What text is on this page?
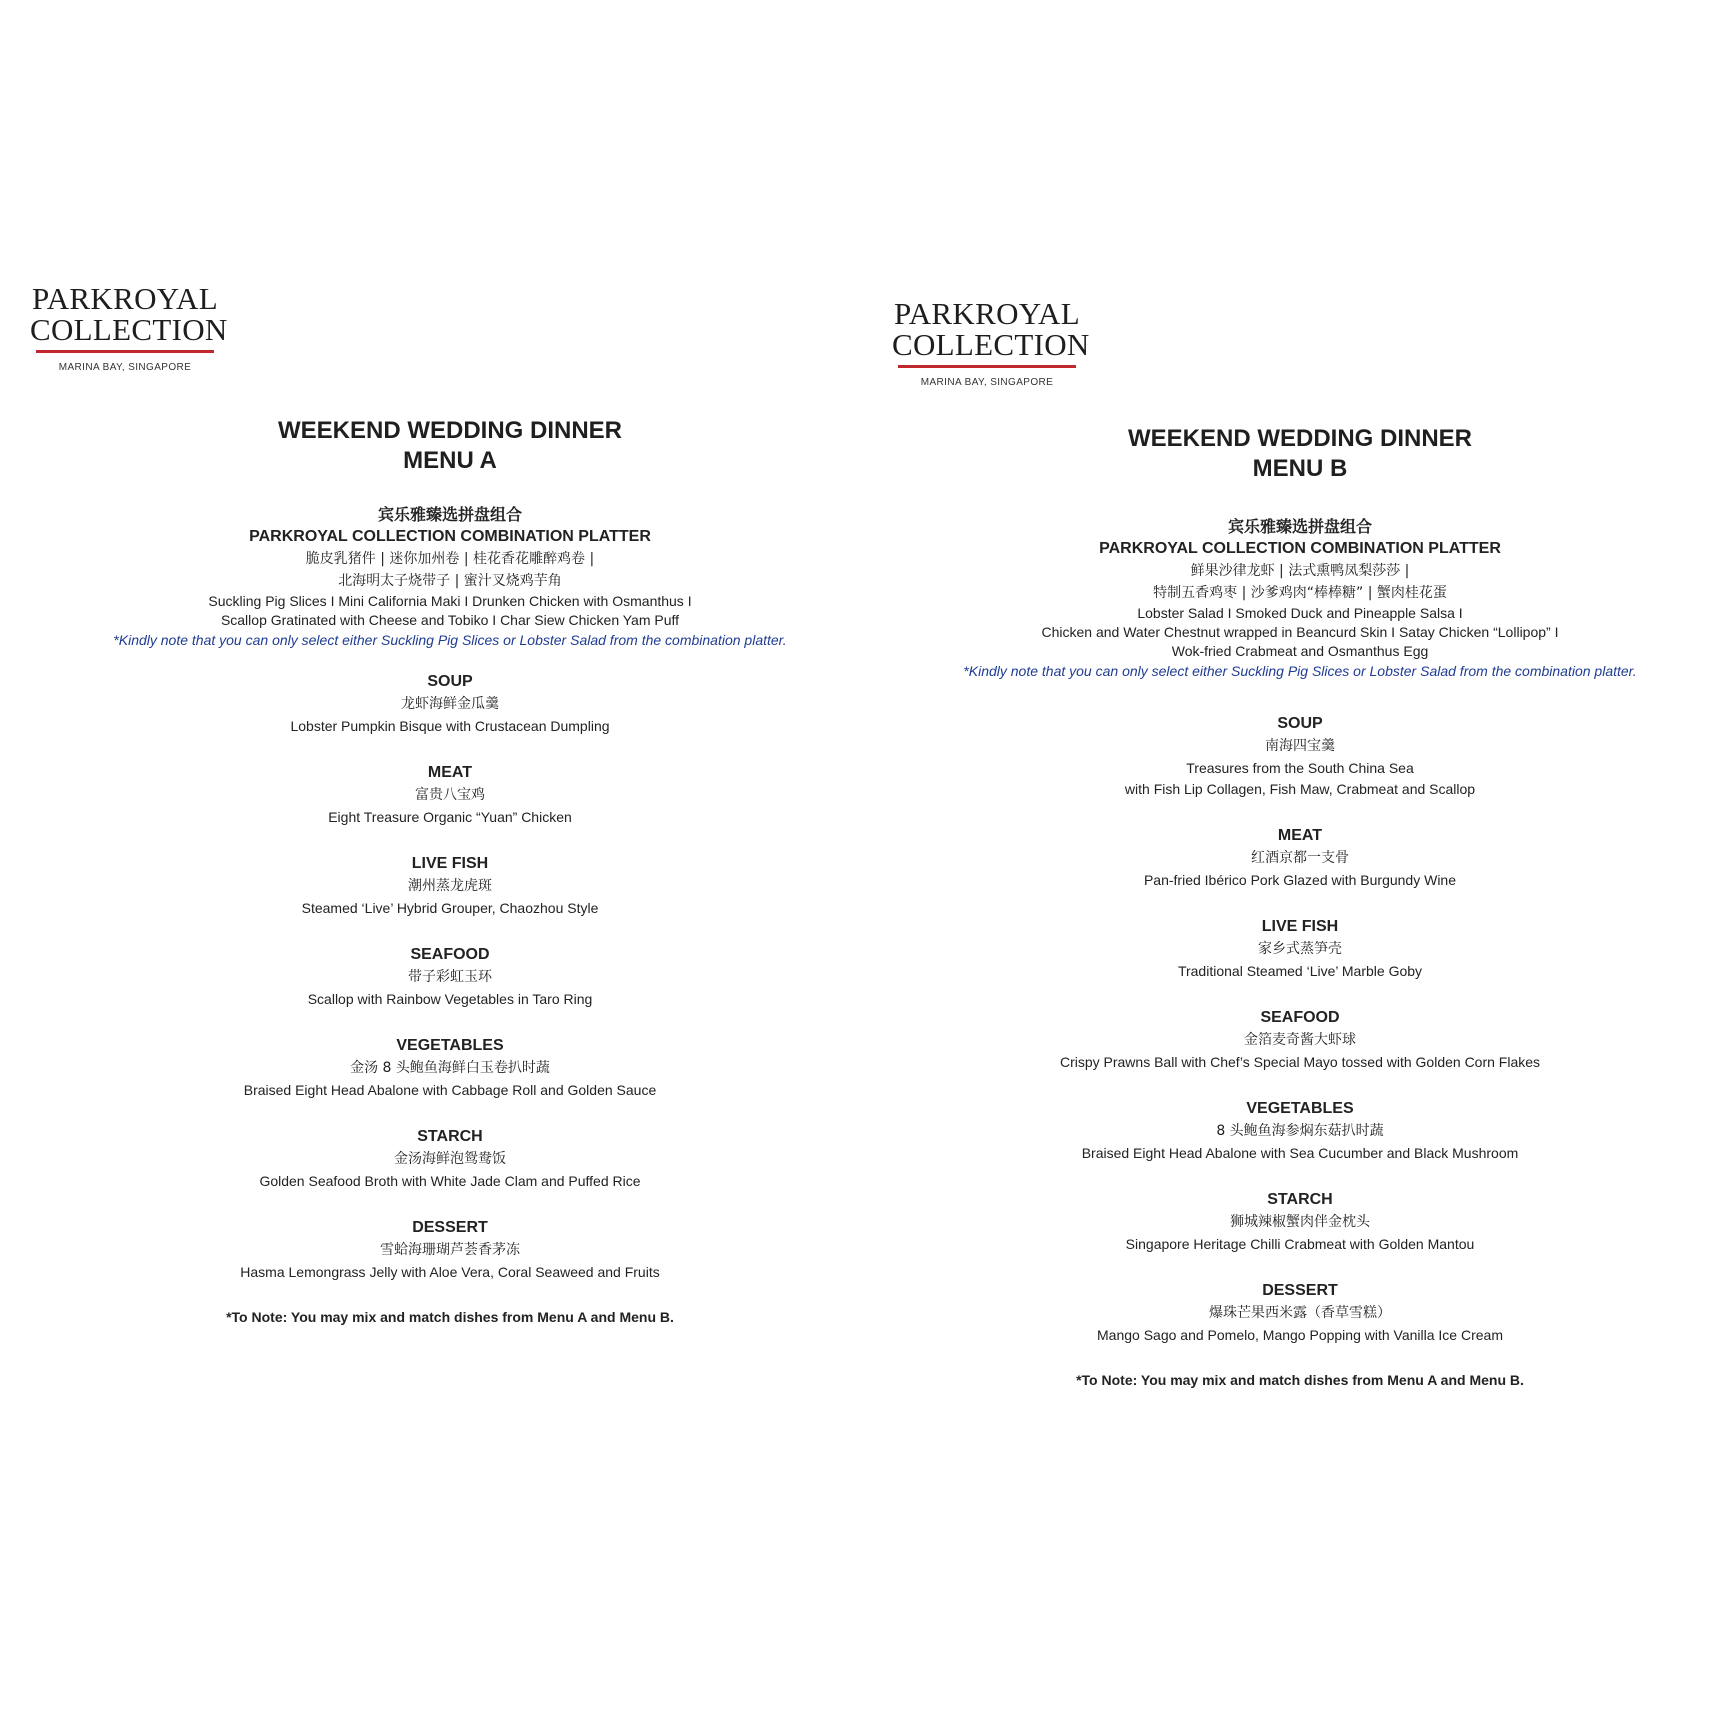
PARKROYAL
COLLECTION
MARINA BAY, SINGAPORE
WEEKEND WEDDING DINNER
MENU A
宾乐雅臻选拼盘组合
PARKROYAL COLLECTION COMBINATION PLATTER
脆皮乳猪件 | 迷你加州卷 | 桂花香花雕醉鸡卷 |
北海明太子烧带子 | 蜜汁叉烧鸡芋角
Suckling Pig Slices I Mini California Maki I Drunken Chicken with Osmanthus I
Scallop Gratinated with Cheese and Tobiko I Char Siew Chicken Yam Puff
*Kindly note that you can only select either Suckling Pig Slices or Lobster Salad from the combination platter.
SOUP
龙虾海鲜金瓜羹
Lobster Pumpkin Bisque with Crustacean Dumpling
MEAT
富贵八宝鸡
Eight Treasure Organic “Yuan” Chicken
LIVE FISH
潮州蒸龙虎斑
Steamed ‘Live’ Hybrid Grouper, Chaozhou Style
SEAFOOD
带子彩虹玉环
Scallop with Rainbow Vegetables in Taro Ring
VEGETABLES
金汤 8 头鲍鱼海鲜白玉卷扒时蔬
Braised Eight Head Abalone with Cabbage Roll and Golden Sauce
STARCH
金汤海鲜泡鸳鸯饭
Golden Seafood Broth with White Jade Clam and Puffed Rice
DESSERT
雪蛤海珊瑚芦荟香茅冻
Hasma Lemongrass Jelly with Aloe Vera, Coral Seaweed and Fruits
*To Note: You may mix and match dishes from Menu A and Menu B.
PARKROYAL
COLLECTION
MARINA BAY, SINGAPORE
WEEKEND WEDDING DINNER
MENU B
宾乐雅臻选拼盘组合
PARKROYAL COLLECTION COMBINATION PLATTER
鲜果沙律龙虾 | 法式熏鸭凤梨莎莎 |
特制五香鸡枣 | 沙爹鸡肉“棒棒糖” | 蟹肉桂花蛋
Lobster Salad I Smoked Duck and Pineapple Salsa I
Chicken and Water Chestnut wrapped in Beancurd Skin I Satay Chicken “Lollipop” I
Wok-fried Crabmeat and Osmanthus Egg
*Kindly note that you can only select either Suckling Pig Slices or Lobster Salad from the combination platter.
SOUP
南海四宝羹
Treasures from the South China Sea
with Fish Lip Collagen, Fish Maw, Crabmeat and Scallop
MEAT
红酒京都一支骨
Pan-fried Ibérico Pork Glazed with Burgundy Wine
LIVE FISH
家乡式蒸笋壳
Traditional Steamed ‘Live’ Marble Goby
SEAFOOD
金箔麦奇酱大虾球
Crispy Prawns Ball with Chef’s Special Mayo tossed with Golden Corn Flakes
VEGETABLES
8 头鲍鱼海参焖东菇扒时蔬
Braised Eight Head Abalone with Sea Cucumber and Black Mushroom
STARCH
狮城辣椒蟹肉伴金枕头
Singapore Heritage Chilli Crabmeat with Golden Mantou
DESSERT
爆珠芒果西米露（香草雪糕）
Mango Sago and Pomelo, Mango Popping with Vanilla Ice Cream
*To Note: You may mix and match dishes from Menu A and Menu B.
